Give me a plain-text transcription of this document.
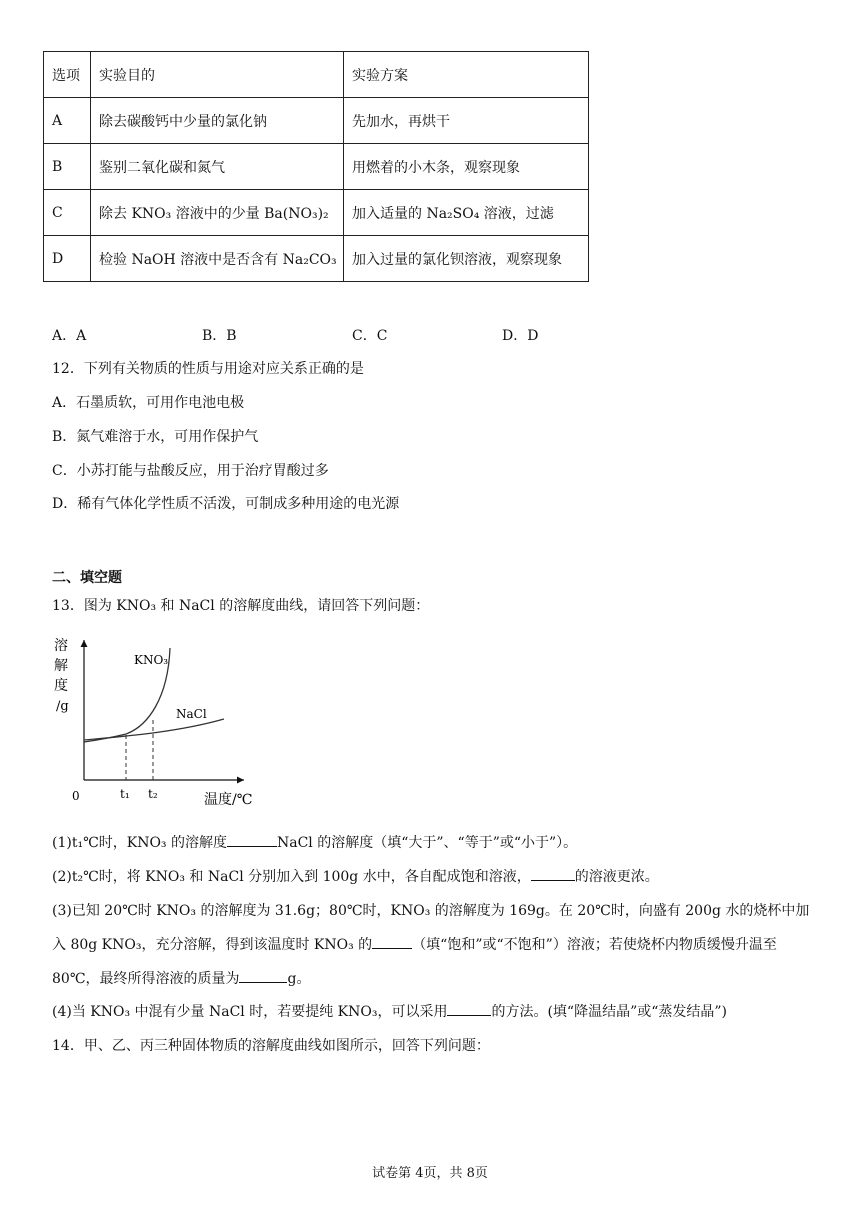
选项	实验目的	实验方案
A	除去碳酸钙中少量的氯化钠	先加水，再烘干
B	鉴别二氧化碳和氮气	用燃着的小木条，观察现象
C	除去 KNO₃ 溶液中的少量 Ba(NO₃)₂	加入适量的 Na₂SO₄ 溶液，过滤
D	检验 NaOH 溶液中是否含有 Na₂CO₃	加入过量的氯化钡溶液，观察现象
A．A	B．B	C．C	D．D
12．下列有关物质的性质与用途对应关系正确的是
A．石墨质软，可用作电池电极
B．氮气难溶于水，可用作保护气
C．小苏打能与盐酸反应，用于治疗胃酸过多
D．稀有气体化学性质不活泼，可制成多种用途的电光源
二、填空题
13．图为 KNO₃ 和 NaCl 的溶解度曲线，请回答下列问题：
溶
解
度
/g
KNO₃
NaCl
0	t₁ t₂	温度/℃
(1)t₁℃时，KNO₃ 的溶解度	NaCl 的溶解度（填“大于”、“等于”或“小于”）。
(2)t₂℃时，将 KNO₃ 和 NaCl 分别加入到 100g 水中，各自配成饱和溶液，	的溶液更浓。
(3)已知 20℃时 KNO₃ 的溶解度为 31.6g；80℃时，KNO₃ 的溶解度为 169g。在 20℃时，向盛有 200g 水的烧杯中加
入 80g KNO₃，充分溶解，得到该温度时 KNO₃ 的	（填“饱和”或“不饱和”）溶液；若使烧杯内物质缓慢升温至
80℃，最终所得溶液的质量为	g。
(4)当 KNO₃ 中混有少量 NaCl 时，若要提纯 KNO₃，可以采用	的方法。(填“降温结晶”或“蒸发结晶”)
14．甲、乙、丙三种固体物质的溶解度曲线如图所示，回答下列问题：
试卷第 4页，共 8页
